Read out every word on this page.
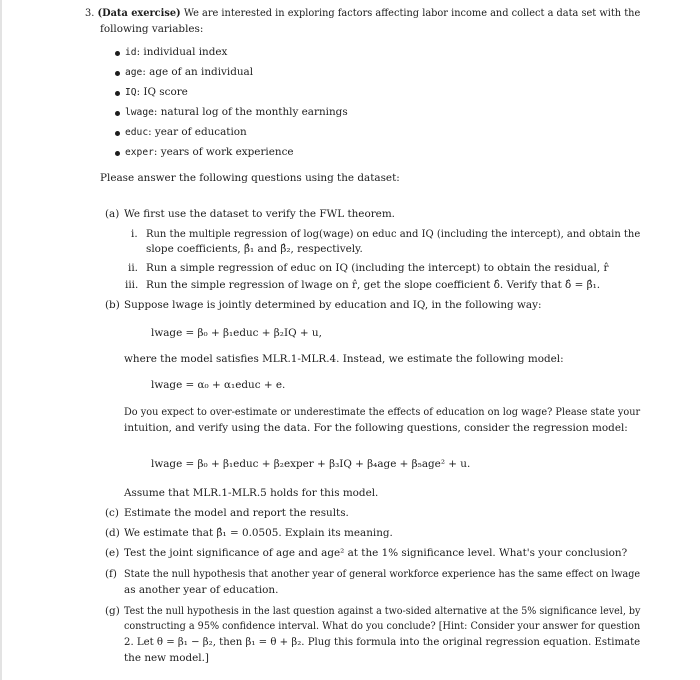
3. (Data exercise) We are interested in exploring factors affecting labor income and collect a data set with the
following variables:
id: individual index
age: age of an individual
IQ: IQ score
lwage: natural log of the monthly earnings
educ: year of education
exper: years of work experience
Please answer the following questions using the dataset:
(a) We first use the dataset to verify the FWL theorem.
i. Run the multiple regression of log(wage) on educ and IQ (including the intercept), and obtain the
slope coefficients, β̂₁ and β̂₂, respectively.
ii. Run a simple regression of educ on IQ (including the intercept) to obtain the residual, r̂
iii. Run the simple regression of lwage on r̂, get the slope coefficient δ̂. Verify that δ̂ = β̂₁.
(b) Suppose lwage is jointly determined by education and IQ, in the following way:
lwage = β₀ + β₁educ + β₂IQ + u,
where the model satisfies MLR.1-MLR.4. Instead, we estimate the following model:
lwage = α₀ + α₁educ + e.
Do you expect to over-estimate or underestimate the effects of education on log wage? Please state your
intuition, and verify using the data. For the following questions, consider the regression model:
lwage = β₀ + β₁educ + β₂exper + β₃IQ + β₄age + β₅age² + u.
Assume that MLR.1-MLR.5 holds for this model.
(c) Estimate the model and report the results.
(d) We estimate that β̂₁ = 0.0505. Explain its meaning.
(e) Test the joint significance of age and age² at the 1% significance level. What's your conclusion?
(f) State the null hypothesis that another year of general workforce experience has the same effect on lwage
as another year of education.
(g) Test the null hypothesis in the last question against a two-sided alternative at the 5% significance level, by
constructing a 95% confidence interval. What do you conclude? [Hint: Consider your answer for question
2. Let θ = β₁ − β₂, then β₁ = θ + β₂. Plug this formula into the original regression equation. Estimate
the new model.]
